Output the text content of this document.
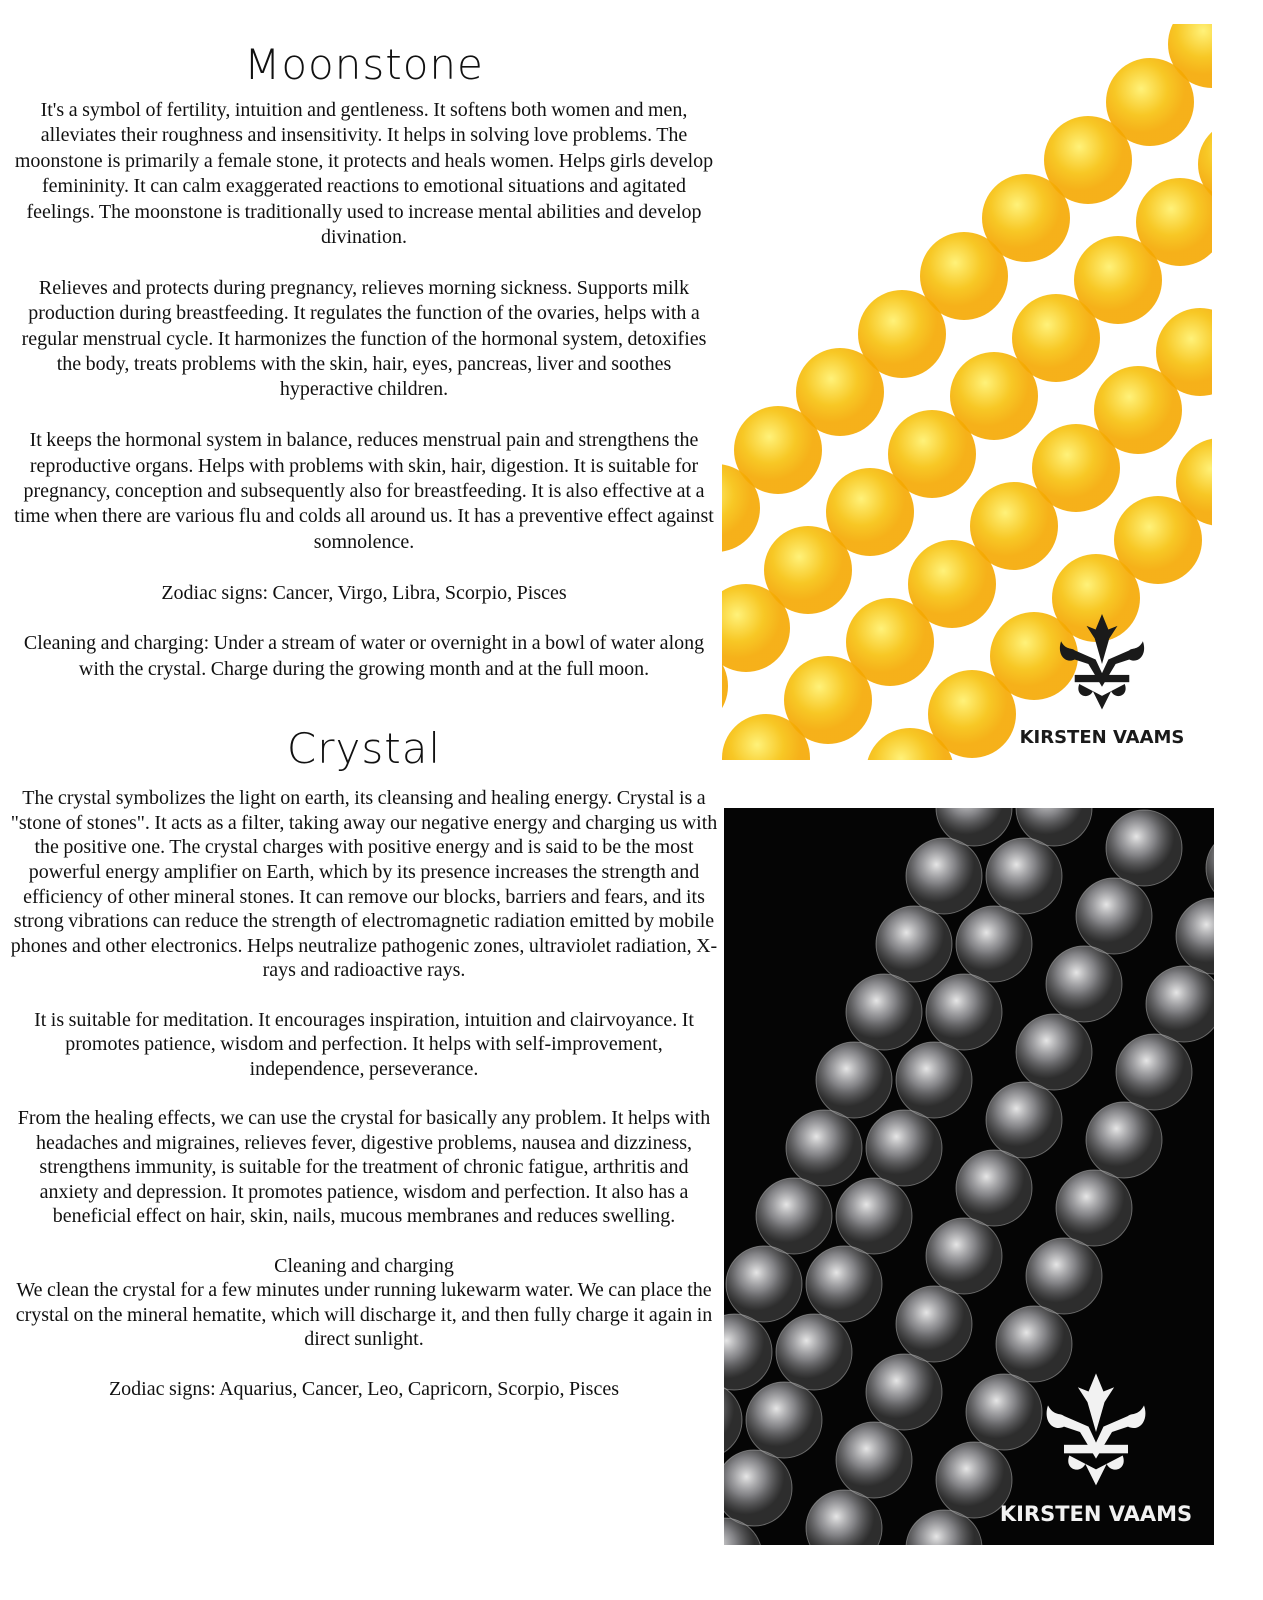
Moonstone

It's a symbol of fertility, intuition and gentleness. It softens both women and men, alleviates their roughness and insensitivity. It helps in solving love problems. The moonstone is primarily a female stone, it protects and heals women. Helps girls develop femininity. It can calm exaggerated reactions to emotional situations and agitated feelings. The moonstone is traditionally used to increase mental abilities and develop divination.

Relieves and protects during pregnancy, relieves morning sickness. Supports milk production during breastfeeding. It regulates the function of the ovaries, helps with a regular menstrual cycle. It harmonizes the function of the hormonal system, detoxifies the body, treats problems with the skin, hair, eyes, pancreas, liver and soothes hyperactive children.

It keeps the hormonal system in balance, reduces menstrual pain and strengthens the reproductive organs. Helps with problems with skin, hair, digestion. It is suitable for pregnancy, conception and subsequently also for breastfeeding. It is also effective at a time when there are various flu and colds all around us. It has a preventive effect against somnolence.

Zodiac signs: Cancer, Virgo, Libra, Scorpio, Pisces

Cleaning and charging: Under a stream of water or overnight in a bowl of water along with the crystal. Charge during the growing month and at the full moon.

Crystal

The crystal symbolizes the light on earth, its cleansing and healing energy. Crystal is a "stone of stones". It acts as a filter, taking away our negative energy and charging us with the positive one. The crystal charges with positive energy and is said to be the most powerful energy amplifier on Earth, which by its presence increases the strength and efficiency of other mineral stones. It can remove our blocks, barriers and fears, and its strong vibrations can reduce the strength of electromagnetic radiation emitted by mobile phones and other electronics. Helps neutralize pathogenic zones, ultraviolet radiation, X-rays and radioactive rays.

It is suitable for meditation. It encourages inspiration, intuition and clairvoyance. It promotes patience, wisdom and perfection. It helps with self-improvement, independence, perseverance.

From the healing effects, we can use the crystal for basically any problem. It helps with headaches and migraines, relieves fever, digestive problems, nausea and dizziness, strengthens immunity, is suitable for the treatment of chronic fatigue, arthritis and anxiety and depression. It promotes patience, wisdom and perfection. It also has a beneficial effect on hair, skin, nails, mucous membranes and reduces swelling.

Cleaning and charging

We clean the crystal for a few minutes under running lukewarm water. We can place the crystal on the mineral hematite, which will discharge it, and then fully charge it again in direct sunlight.

Zodiac signs: Aquarius, Cancer, Leo, Capricorn, Scorpio, Pisces

KIRSTEN VAAMS
KIRSTEN VAAMS
